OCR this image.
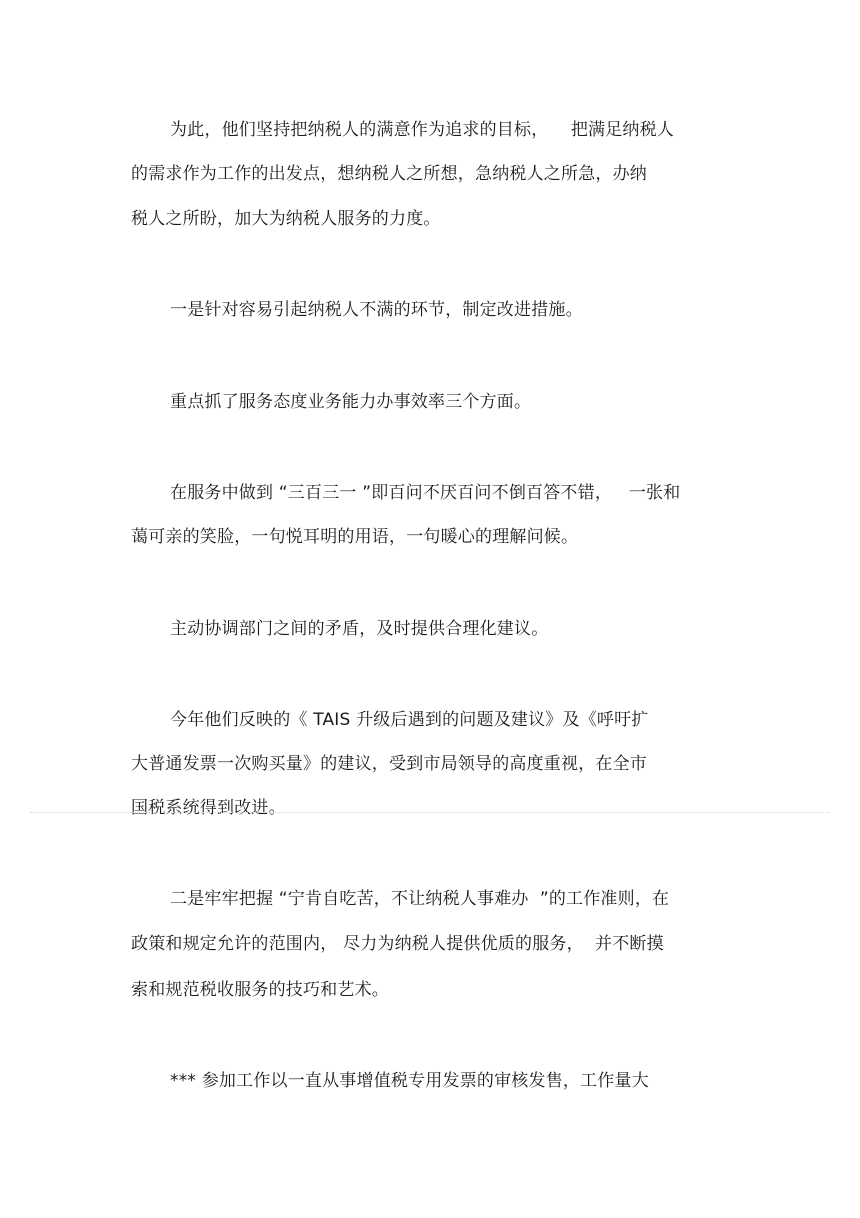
为此，他们坚持把纳税人的满意作为追求的目标，    把满足纳税人
的需求作为工作的出发点，想纳税人之所想，急纳税人之所急，办纳
税人之所盼，加大为纳税人服务的力度。
一是针对容易引起纳税人不满的环节，制定改进措施。
重点抓了服务态度业务能力办事效率三个方面。
在服务中做到 “三百三一 ”即百问不厌百问不倒百答不错，   一张和
蔼可亲的笑脸，一句悦耳明的用语，一句暖心的理解问候。
主动协调部门之间的矛盾，及时提供合理化建议。
今年他们反映的《 TAIS 升级后遇到的问题及建议》及《呼吁扩
大普通发票一次购买量》的建议，受到市局领导的高度重视，在全市
国税系统得到改进。
二是牢牢把握 “宁肯自吃苦，不让纳税人事难办  ”的工作准则，在
政策和规定允许的范围内， 尽力为纳税人提供优质的服务，  并不断摸
索和规范税收服务的技巧和艺术。
*** 参加工作以一直从事增值税专用发票的审核发售，工作量大
